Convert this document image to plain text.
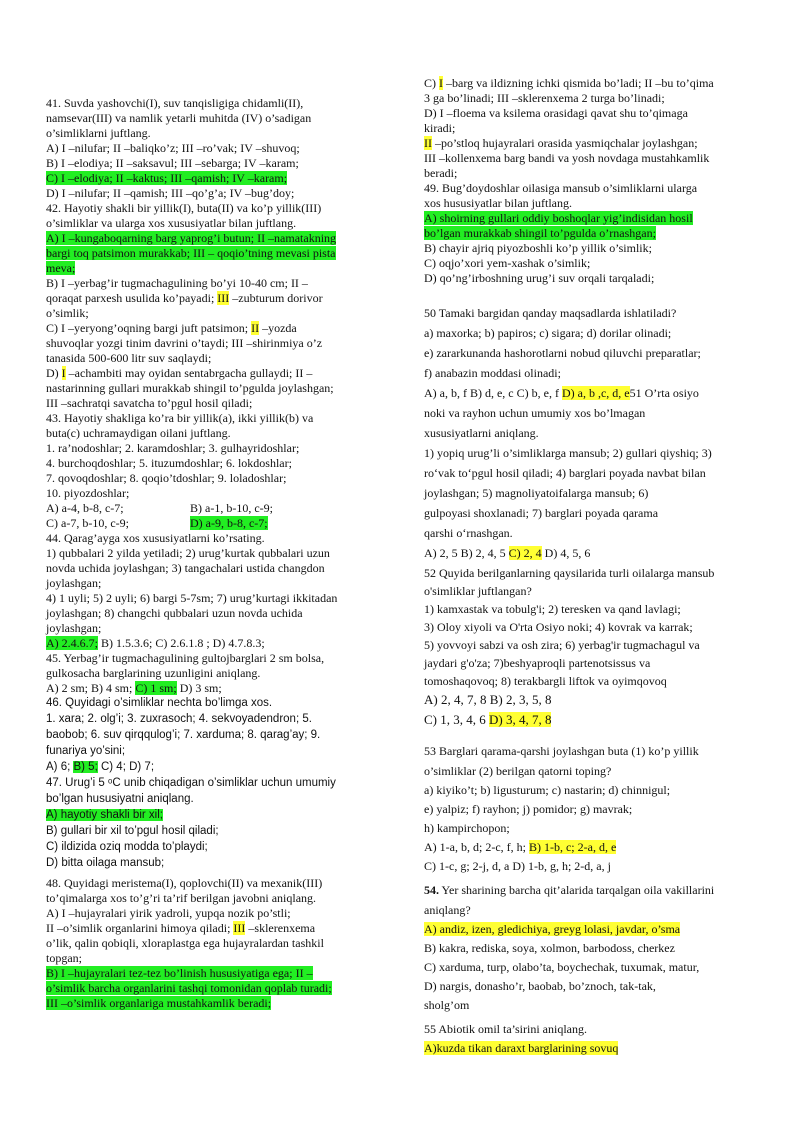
41. Suvda yashovchi(I), suv tanqisligiga chidamli(II),
namsevar(III) va namlik yetarli muhitda (IV) o’sadigan
o’simliklarni juftlang.
A) I –nilufar; II –baliqko’z; III –ro’vak; IV –shuvoq;
B) I –elodiya; II –saksavul; III –sebarga; IV –karam;
C) I –elodiya; II –kaktus; III –qamish; IV –karam;
D) I –nilufar; II –qamish; III –qo’g’a; IV –bug’doy;
42. Hayotiy shakli bir yillik(I), buta(II) va ko’p yillik(III)
o’simliklar va ularga xos xususiyatlar bilan juftlang.
A) I –kungaboqarning barg yaprog’i butun; II –namatakning
bargi toq patsimon murakkab; III – qoqio’tning mevasi pista
meva;
B) I –yerbag’ir tugmachagulining bo’yi 10-40 cm; II –
qoraqat parxesh usulida ko’payadi; III –zubturum dorivor
o’simlik;
C) I –yeryong’oqning bargi juft patsimon; II –yozda
shuvoqlar yozgi tinim davrini o’taydi; III –shirinmiya o’z
tanasida 500-600 litr suv saqlaydi;
D) I –achambiti may oyidan sentabrgacha gullaydi; II –
nastarinning gullari murakkab shingil to’pgulda joylashgan;
III –sachratqi savatcha to’pgul hosil qiladi;
43. Hayotiy shakliga ko’ra bir yillik(a), ikki yillik(b) va
buta(c) uchramaydigan oilani juftlang.
1. ra’nodoshlar; 2. karamdoshlar; 3. gulhayridoshlar;
4. burchoqdoshlar; 5. ituzumdoshlar; 6. lokdoshlar;
7. qovoqdoshlar; 8. qoqio’tdoshlar; 9. loladoshlar;
10. piyozdoshlar;
A) a-4, b-8, c-7;	B) a-1, b-10, c-9;
C) a-7, b-10, c-9;	D) a-9, b-8, c-7;
44. Qarag’ayga xos xususiyatlarni ko’rsating.
1) qubbalari 2 yilda yetiladi; 2) urug’kurtak qubbalari uzun
novda uchida joylashgan; 3) tangachalari ustida changdon
joylashgan;
4) 1 uyli; 5) 2 uyli; 6) bargi 5-7sm; 7) urug’kurtagi ikkitadan
joylashgan; 8) changchi qubbalari uzun novda uchida
joylashgan;
A) 2.4.6.7; B) 1.5.3.6; C) 2.6.1.8 ; D) 4.7.8.3;
45. Yerbag’ir tugmachagulining gultojbarglari 2 sm bolsa,
gulkosacha barglarining uzunligini aniqlang.
A) 2 sm; B) 4 sm; C) 1 sm; D) 3 sm;
46. Quyidagi o’simliklar nechta bo’limga xos.
1. xara; 2. olg’i; 3. zuxrasoch; 4. sekvoyadendron; 5.
baobob; 6. suv qirqqulog’i; 7. xarduma; 8. qarag’ay; 9.
funariya yo’sini;
A) 6; B) 5; C) 4; D) 7;
47. Urug’i 5 ᵒC unib chiqadigan o’simliklar uchun umumiy
bo’lgan hususiyatni aniqlang.
A) hayotiy shakli bir xil;
B) gullari bir xil to’pgul hosil qiladi;
C) ildizida oziq modda to’playdi;
D) bitta oilaga mansub;
48. Quyidagi meristema(I), qoplovchi(II) va mexanik(III)
to’qimalarga xos to’g’ri ta’rif berilgan javobni aniqlang.
A) I –hujayralari yirik yadroli, yupqa nozik po’stli;
II –o’simlik organlarini himoya qiladi; III –sklerenxema
o’lik, qalin qobiqli, xloraplastga ega hujayralardan tashkil
topgan;
B) I –hujayralari tez-tez bo’linish hususiyatiga ega; II –
o’simlik barcha organlarini tashqi tomonidan qoplab turadi;
III –o’simlik organlariga mustahkamlik beradi;
C) I –barg va ildizning ichki qismida bo’ladi; II –bu to’qima
3 ga bo’linadi; III –sklerenxema 2 turga bo’linadi;
D) I –floema va ksilema orasidagi qavat shu to’qimaga
kiradi;
II –po’stloq hujayralari orasida yasmiqchalar joylashgan;
III –kollenxema barg bandi va yosh novdaga mustahkamlik
beradi;
49. Bug’doydoshlar oilasiga mansub o’simliklarni ularga
xos hususiyatlar bilan juftlang.
A) shoirning gullari oddiy boshoqlar yig’indisidan hosil
bo’lgan murakkab shingil to’pgulda o’rnashgan;
B) chayir ajriq piyozboshli ko’p yillik o’simlik;
C) oqjo’xori yem-xashak o’simlik;
D) qo’ng’irboshning urug’i suv orqali tarqaladi;
50 Tamaki bargidan qanday maqsadlarda ishlatiladi?
a) maxorka; b) papiros; c) sigara; d) dorilar olinadi;
e) zararkunanda hashorotlarni nobud qiluvchi preparatlar;
f) anabazin moddasi olinadi;
A) a, b, f B) d, e, c C) b, e, f D) a, b ,c, d, e51 O’rta osiyo
noki va rayhon uchun umumiy xos bo’lmagan
xususiyatlarni aniqlang.
1) yopiq urug’li o’simliklarga mansub; 2) gullari qiyshiq; 3)
ro‘vak to‘pgul hosil qiladi; 4) barglari poyada navbat bilan
joylashgan; 5) magnoliyatoifalarga mansub; 6)
gulpoyasi shoxlanadi; 7) barglari poyada qarama
qarshi o‘rnashgan.
A) 2, 5 B) 2, 4, 5 C) 2, 4 D) 4, 5, 6
52 Quyida berilganlarning qaysilarida turli oilalarga mansub
o'simliklar juftlangan?
1) kamxastak va tobulg'i; 2) teresken va qand lavlagi;
3) Oloy xiyoli va O'rta Osiyo noki; 4) kovrak va karrak;
5) yovvoyi sabzi va osh zira; 6) yerbag'ir tugmachagul va
jaydari g'o'za; 7)beshyaproqli partenotsissus va
tomoshaqovoq; 8) terakbargli liftok va oyimqovoq
A) 2, 4, 7, 8 B) 2, 3, 5, 8
C) 1, 3, 4, 6 D) 3, 4, 7, 8
53 Barglari qarama-qarshi joylashgan buta (1) ko’p yillik
o’simliklar (2) berilgan qatorni toping?
a) kiyiko’t; b) ligusturum; c) nastarin; d) chinnigul;
e) yalpiz; f) rayhon; j) pomidor; g) mavrak;
h) kampirchopon;
A) 1-a, b, d; 2-c, f, h; B) 1-b, c; 2-a, d, e
C) 1-c, g; 2-j, d, a D) 1-b, g, h; 2-d, a, j
54. Yer sharining barcha qit’alarida tarqalgan oila vakillarini
aniqlang?
A) andiz, izen, gledichiya, greyg lolasi, javdar, o’sma
B) kakra, rediska, soya, xolmon, barbodoss, cherkez
C) xarduma, turp, olabo’ta, boychechak, tuxumak, matur,
D) nargis, donasho’r, baobab, bo’znoch, tak-tak,
sholg’om
55 Abiotik omil ta’sirini aniqlang.
A)kuzda tikan daraxt barglarining sovuq
